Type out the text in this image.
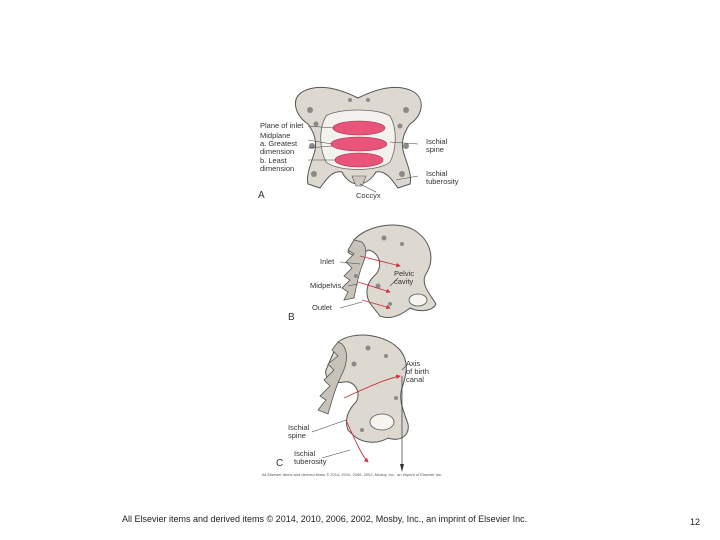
Plane of inlet
Midplane
a. Greatest
dimension
b. Least
dimension
Ischial
spine
Ischial
tuberosity
Coccyx
A
Inlet
Midpelvis
Outlet
Pelvic
cavity
B
Axis
of birth
canal
Ischial
spine
Ischial
tuberosity
C
All Elsevier items and derived items © 2014, 2010, 2006, 2002, Mosby, Inc., an imprint of Elsevier Inc.
All Elsevier items and derived items © 2014, 2010, 2006, 2002, Mosby, Inc., an imprint of Elsevier Inc.	12
